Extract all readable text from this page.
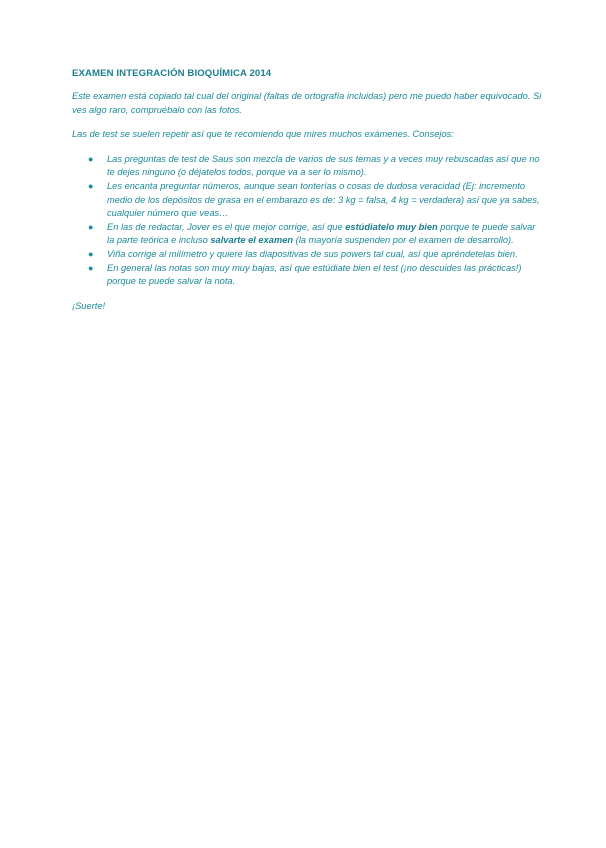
EXAMEN INTEGRACIÓN BIOQUÍMICA 2014

Este examen está copiado tal cual del original (faltas de ortografía incluidas) pero me puedo haber equivocado. Si ves algo raro, compruébalo con las fotos.

Las de test se suelen repetir así que te recomiendo que mires muchos exámenes. Consejos:

● Las preguntas de test de Saus son mezcla de varios de sus temas y a veces muy rebuscadas así que no te dejes ninguno (o déjatelos todos, porque va a ser lo mismo).
● Les encanta preguntar números, aunque sean tonterías o cosas de dudosa veracidad (Ej: incremento medio de los depósitos de grasa en el embarazo es de: 3 kg = falsa, 4 kg = verdadera) así que ya sabes, cualquier número que veas…
● En las de redactar, Jover es el que mejor corrige, así que estúdiatelo muy bien porque te puede salvar la parte teórica e incluso salvarte el examen (la mayoría suspenden por el examen de desarrollo).
● Viña corrige al milímetro y quiere las diapositivas de sus powers tal cual, así que apréndetelas bien.
● En general las notas son muy muy bajas, así que estúdiate bien el test (¡no descuides las prácticas!) porque te puede salvar la nota.

¡Suerte!
